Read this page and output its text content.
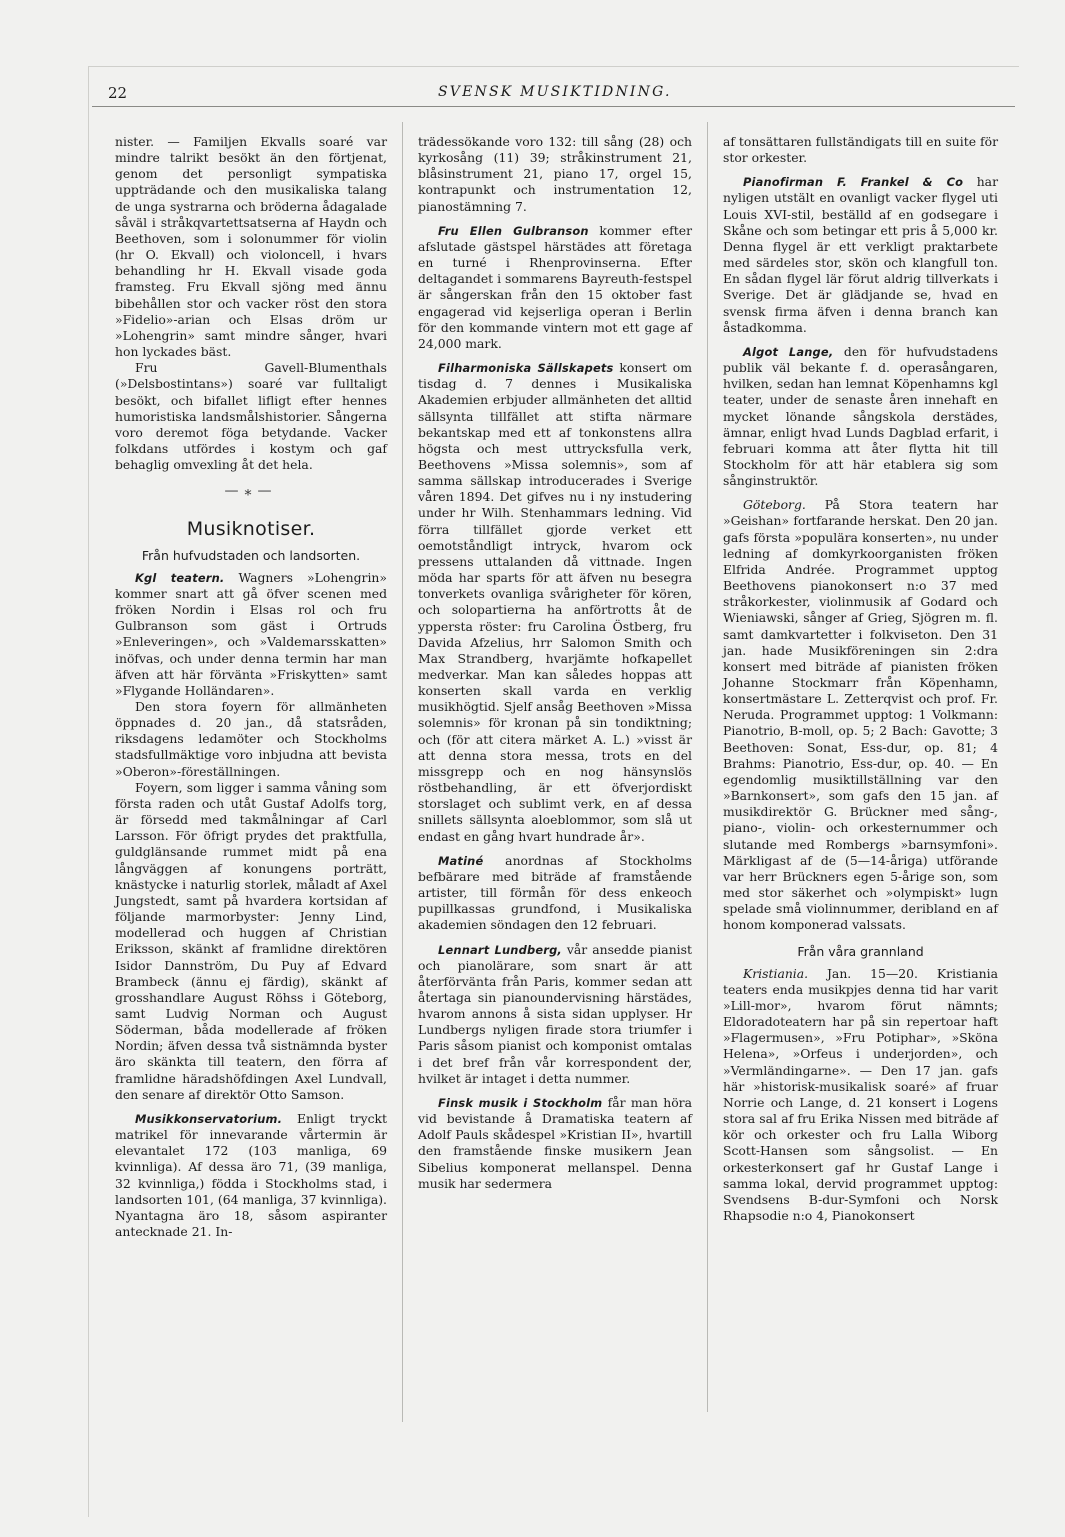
22	SVENSK MUSIKTIDNING.

nister. — Familjen Ekvalls soaré var mindre talrikt besökt än den förtjenat, genom det personligt sympatiska uppträdande och den musikaliska talang de unga systrarna och bröderna ådagalade såväl i stråkqvartettsatserna af Haydn och Beethoven, som i solonummer för violin (hr O. Ekvall) och violoncell, i hvars behandling hr H. Ekvall visade goda framsteg. Fru Ekvall sjöng med ännu bibehållen stor och vacker röst den stora »Fidelio»-arian och Elsas dröm ur »Lohengrin» samt mindre sånger, hvari hon lyckades bäst.

Fru Gavell-Blumenthals (»Delsbostintans») soaré var fulltaligt besökt, och bifallet lifligt efter hennes humoristiska landsmålshistorier. Sångerna voro deremot föga betydande. Vacker folkdans utfördes i kostym och gaf behaglig omvexling åt det hela.

—⁎—
Musiknotiser.
Från hufvudstaden och landsorten.

Kgl teatern. Wagners »Lohengrin» kommer snart att gå öfver scenen med fröken Nordin i Elsas rol och fru Gulbranson som gäst i Ortruds »Enleveringen», och »Valdemarsskatten» inöfvas, och under denna termin har man äfven att här förvänta »Friskytten» samt »Flygande Holländaren».

Den stora foyern för allmänheten öppnades d. 20 jan., då statsråden, riksdagens ledamöter och Stockholms stadsfullmäktige voro inbjudna att bevista »Oberon»-föreställningen.

Foyern, som ligger i samma våning som första raden och utåt Gustaf Adolfs torg, är försedd med takmålningar af Carl Larsson. För öfrigt prydes det praktfulla, guldglänsande rummet midt på ena långväggen af konungens porträtt, knästycke i naturlig storlek, måladt af Axel Jungstedt, samt på hvardera kortsidan af följande marmorbyster: Jenny Lind, modellerad och huggen af Christian Eriksson, skänkt af framlidne direktören Isidor Dannström, Du Puy af Edvard Brambeck (ännu ej färdig), skänkt af grosshandlare August Röhss i Göteborg, samt Ludvig Norman och August Söderman, båda modellerade af fröken Nordin; äfven dessa två sistnämnda byster äro skänkta till teatern, den förra af framlidne häradshöfdingen Axel Lundvall, den senare af direktör Otto Samson.

Musikkonservatorium. Enligt tryckt matrikel för innevarande vårtermin är elevantalet 172 (103 manliga, 69 kvinnliga). Af dessa äro 71, (39 manliga, 32 kvinnliga,) födda i Stockholms stad, i landsorten 101, (64 manliga, 37 kvinnliga). Nyantagna äro 18, såsom aspiranter antecknade 21. In-

trädessökande voro 132: till sång (28) och kyrkosång (11) 39; stråkinstrument 21, blåsinstrument 21, piano 17, orgel 15, kontrapunkt och instrumentation 12, pianostämning 7.

Fru Ellen Gulbranson kommer efter afslutade gästspel härstädes att företaga en turné i Rhenprovinserna. Efter deltagandet i sommarens Bayreuth-festspel är sångerskan från den 15 oktober fast engagerad vid kejserliga operan i Berlin för den kommande vintern mot ett gage af 24,000 mark.

Filharmoniska Sällskapets konsert om tisdag d. 7 dennes i Musikaliska Akademien erbjuder allmänheten det alltid sällsynta tillfället att stifta närmare bekantskap med ett af tonkonstens allra högsta och mest uttrycksfulla verk, Beethovens »Missa solemnis», som af samma sällskap introducerades i Sverige våren 1894. Det gifves nu i ny instudering under hr Wilh. Stenhammars ledning. Vid förra tillfället gjorde verket ett oemotståndligt intryck, hvarom ock pressens uttalanden då vittnade. Ingen möda har sparts för att äfven nu besegra tonverkets ovanliga svårigheter för kören, och solopartierna ha anförtrotts åt de yppersta röster: fru Carolina Östberg, fru Davida Afzelius, hrr Salomon Smith och Max Strandberg, hvarjämte hofkapellet medverkar. Man kan således hoppas att konserten skall varda en verklig musikhögtid. Sjelf ansåg Beethoven »Missa solemnis» för kronan på sin tondiktning; och (för att citera märket A. L.) »visst är att denna stora messa, trots en del missgrepp och en nog hänsynslös röstbehandling, är ett öfverjordiskt storslaget och sublimt verk, en af dessa snillets sällsynta aloeblommor, som slå ut endast en gång hvart hundrade år».

Matiné anordnas af Stockholms befbärare med biträde af framstående artister, till förmån för dess enkeoch pupillkassas grundfond, i Musikaliska akademien söndagen den 12 februari.

Lennart Lundberg, vår ansedde pianist och pianolärare, som snart är att återförvänta från Paris, kommer sedan att återtaga sin pianoundervisning härstädes, hvarom annons å sista sidan upplyser. Hr Lundbergs nyligen firade stora triumfer i Paris såsom pianist och komponist omtalas i det bref från vår korrespondent der, hvilket är intaget i detta nummer.

Finsk musik i Stockholm får man höra vid bevistande å Dramatiska teatern af Adolf Pauls skådespel »Kristian II», hvartill den framstående finske musikern Jean Sibelius komponerat mellanspel. Denna musik har sedermera

af tonsättaren fullständigats till en suite för stor orkester.

Pianofirman F. Frankel & Co har nyligen utstält en ovanligt vacker flygel uti Louis XVI-stil, beställd af en godsegare i Skåne och som betingar ett pris å 5,000 kr. Denna flygel är ett verkligt praktarbete med särdeles stor, skön och klangfull ton. En sådan flygel lär förut aldrig tillverkats i Sverige. Det är glädjande se, hvad en svensk firma äfven i denna branch kan åstadkomma.

Algot Lange, den för hufvudstadens publik väl bekante f. d. operasångaren, hvilken, sedan han lemnat Köpenhamns kgl teater, under de senaste åren innehaft en mycket lönande sångskola derstädes, ämnar, enligt hvad Lunds Dagblad erfarit, i februari komma att åter flytta hit till Stockholm för att här etablera sig som sånginstruktör.

Göteborg. På Stora teatern har »Geishan» fortfarande herskat. Den 20 jan. gafs första »populära konserten», nu under ledning af domkyrkoorganisten fröken Elfrida Andrée. Programmet upptog Beethovens pianokonsert n:o 37 med stråkorkester, violinmusik af Godard och Wieniawski, sånger af Grieg, Sjögren m. fl. samt damkvartetter i folkviseton. Den 31 jan. hade Musikföreningen sin 2:dra konsert med biträde af pianisten fröken Johanne Stockmarr från Köpenhamn, konsertmästare L. Zetterqvist och prof. Fr. Neruda. Programmet upptog: 1 Volkmann: Pianotrio, B-moll, op. 5; 2 Bach: Gavotte; 3 Beethoven: Sonat, Ess-dur, op. 81; 4 Brahms: Pianotrio, Ess-dur, op. 40. — En egendomlig musiktillställning var den »Barnkonsert», som gafs den 15 jan. af musikdirektör G. Brückner med sång-, piano-, violin- och orkesternummer och slutande med Rombergs »barnsymfoni». Märkligast af de (5—14-åriga) utförande var herr Brückners egen 5-årige son, som med stor säkerhet och »olympiskt» lugn spelade små violinnummer, deribland en af honom komponerad valssats.

Från våra grannland

Kristiania. Jan. 15—20. Kristiania teaters enda musikpjes denna tid har varit »Lill-mor», hvarom förut nämnts; Eldoradoteatern har på sin repertoar haft »Flagermusen», »Fru Potiphar», »Sköna Helena», »Orfeus i underjorden», och »Vermländingarne». — Den 17 jan. gafs här »historisk-musikalisk soaré» af fruar Norrie och Lange, d. 21 konsert i Logens stora sal af fru Erika Nissen med biträde af kör och orkester och fru Lalla Wiborg Scott-Hansen som sångsolist. — En orkesterkonsert gaf hr Gustaf Lange i samma lokal, dervid programmet upptog: Svendsens B-dur-Symfoni och Norsk Rhapsodie n:o 4, Pianokonsert
